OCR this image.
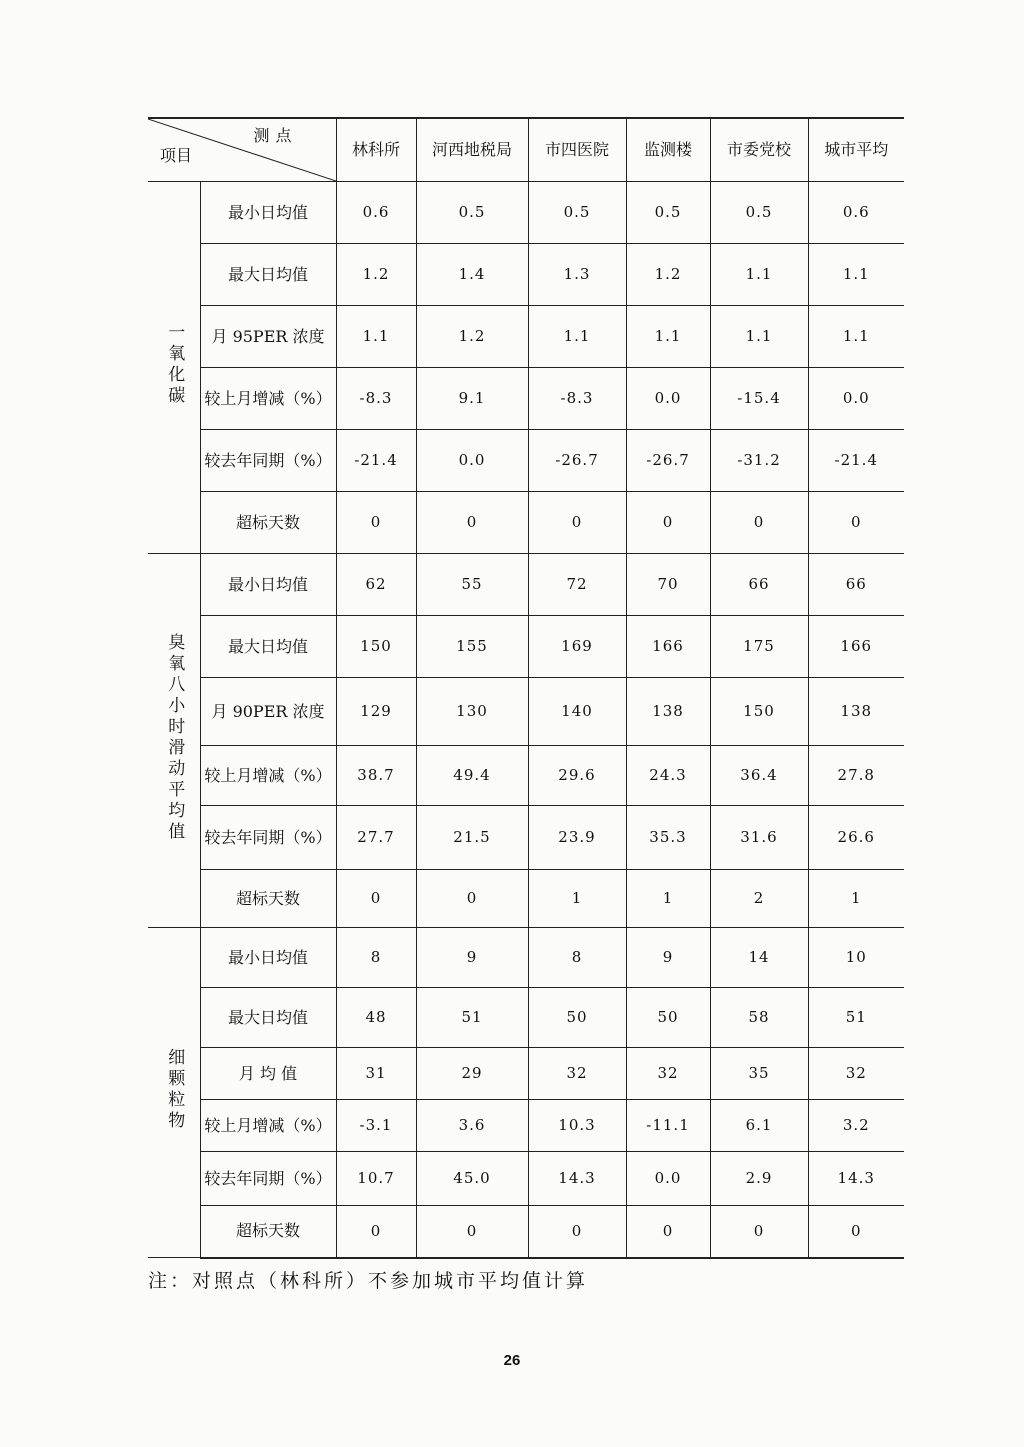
测点
项目		林科所	河西地税局	市四医院	监测楼	市委党校	城市平均
一氧化碳	最小日均值	0.6	0.5	0.5	0.5	0.5	0.6
	最大日均值	1.2	1.4	1.3	1.2	1.1	1.1
	月 95PER 浓度	1.1	1.2	1.1	1.1	1.1	1.1
	较上月增减（%）	-8.3	9.1	-8.3	0.0	-15.4	0.0
	较去年同期（%）	-21.4	0.0	-26.7	-26.7	-31.2	-21.4
	超标天数	0	0	0	0	0	0
臭氧八小时滑动平均值	最小日均值	62	55	72	70	66	66
	最大日均值	150	155	169	166	175	166
	月 90PER 浓度	129	130	140	138	150	138
	较上月增减（%）	38.7	49.4	29.6	24.3	36.4	27.8
	较去年同期（%）	27.7	21.5	23.9	35.3	31.6	26.6
	超标天数	0	0	1	1	2	1
细颗粒物	最小日均值	8	9	8	9	14	10
	最大日均值	48	51	50	50	58	51
	月 均 值	31	29	32	32	35	32
	较上月增减（%）	-3.1	3.6	10.3	-11.1	6.1	3.2
	较去年同期（%）	10.7	45.0	14.3	0.0	2.9	14.3
	超标天数	0	0	0	0	0	0
注：对照点（林科所）不参加城市平均值计算
26
